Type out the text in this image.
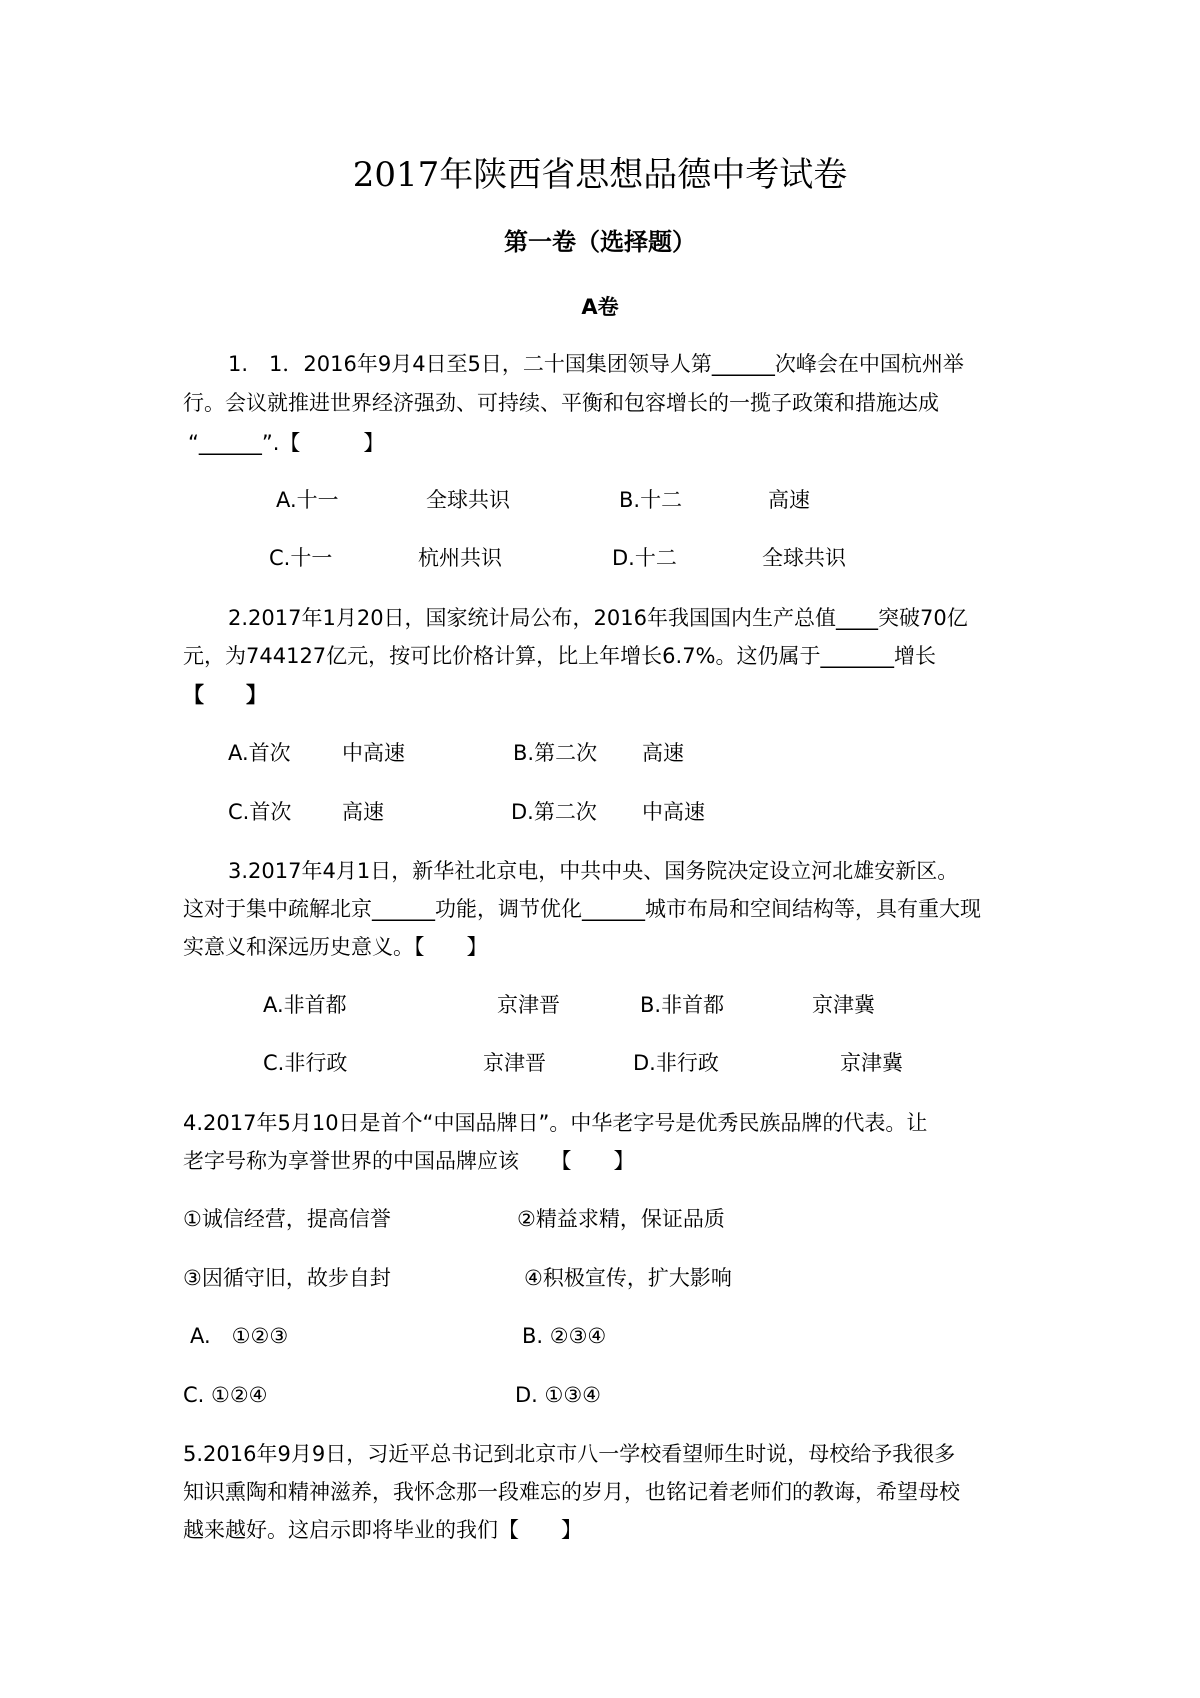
2017年陕西省思想品德中考试卷
第一卷（选择题）
A卷
1.　1．2016年9月4日至5日，二十国集团领导人第______次峰会在中国杭州举
行。会议就推进世界经济强劲、可持续、平衡和包容增长的一揽子政策和措施达成
“______”.【　　　】
A.十一	全球共识	B.十二	高速
C.十一	杭州共识	D.十二	全球共识
2.2017年1月20日，国家统计局公布，2016年我国国内生产总值____突破70亿
元，为744127亿元，按可比价格计算，比上年增长6.7%。这仍属于_______增长
【　　】
A.首次 中高速	B.第二次 高速
C.首次 高速	D.第二次 中高速
3.2017年4月1日，新华社北京电，中共中央、国务院决定设立河北雄安新区。
这对于集中疏解北京______功能，调节优化______城市布局和空间结构等，具有重大现
实意义和深远历史意义。【　　】
A.非首都	京津晋	B.非首都	京津冀
C.非行政	京津晋	D.非行政	京津冀
4.2017年5月10日是首个“中国品牌日”。中华老字号是优秀民族品牌的代表。让
老字号称为享誉世界的中国品牌应该　　【　　】
①诚信经营，提高信誉	②精益求精，保证品质
③因循守旧，故步自封	④积极宣传，扩大影响
A.　①②③	B. ②③④
C. ①②④	D. ①③④
5.2016年9月9日，习近平总书记到北京市八一学校看望师生时说，母校给予我很多
知识熏陶和精神滋养，我怀念那一段难忘的岁月，也铭记着老师们的教诲，希望母校
越来越好。这启示即将毕业的我们【　　】
